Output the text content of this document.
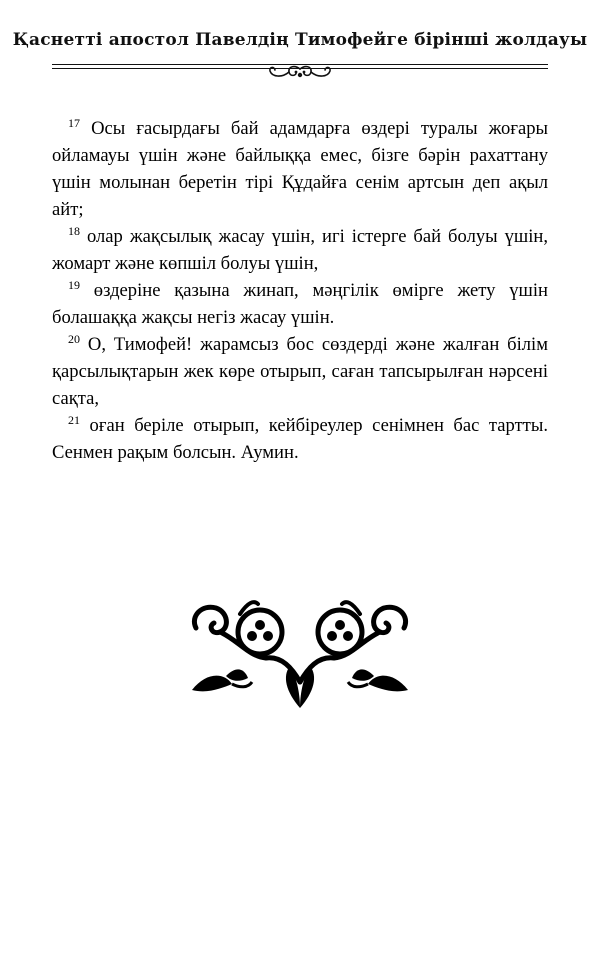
Қаснетті апостол Павелдің Тимофейге бірінші жолдауы

$^{17}$ Осы ғасырдағы бай адамдарға өздері туралы жоғары ойламауы үшін және байлыққа емес, бізге бәрін рахаттану үшін молынан беретін тірі Құдайға сенім артсын деп ақыл айт;

$^{18}$ олар жақсылық жасау үшін, игі істерге бай болуы үшін, жомарт және көпшіл болуы үшін,

$^{19}$ өздеріне қазына жинап, мәңгілік өмірге жету үшін болашаққа жақсы негіз жасау үшін.

$^{20}$ О, Тимофей! жарамсыз бос сөздерді және жалған білім қарсылықтарын жек көре отырып, саған тапсырылған нәрсені сақта,

$^{21}$ оған беріле отырып, кейбіреулер сенімнен бас тартты. Сенмен рақым болсын. Аумин.
